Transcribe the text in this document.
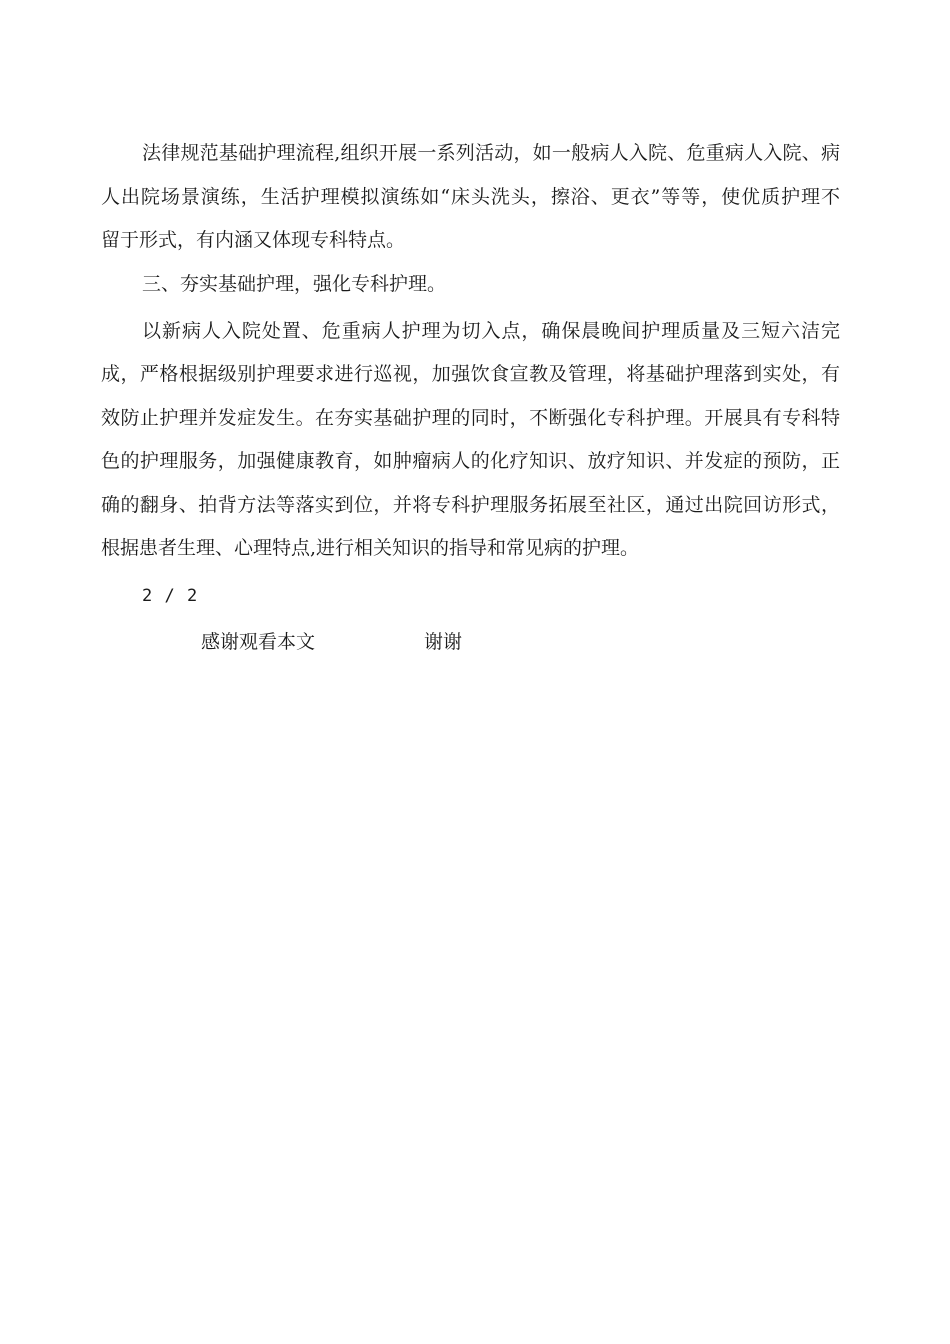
法律规范基础护理流程,组织开展一系列活动，如一般病人入院、危重病人入院、病
人出院场景演练，生活护理模拟演练如“床头洗头，擦浴、更衣”等等，使优质护理不
留于形式，有内涵又体现专科特点。
三、夯实基础护理，强化专科护理。
以新病人入院处置、危重病人护理为切入点，确保晨晚间护理质量及三短六洁完
成，严格根据级别护理要求进行巡视，加强饮食宣教及管理，将基础护理落到实处，有
效防止护理并发症发生。在夯实基础护理的同时，不断强化专科护理。开展具有专科特
色的护理服务，加强健康教育，如肿瘤病人的化疗知识、放疗知识、并发症的预防，正
确的翻身、拍背方法等落实到位，并将专科护理服务拓展至社区，通过出院回访形式，
根据患者生理、心理特点,进行相关知识的指导和常见病的护理。
2 / 2
感谢观看本文	谢谢
